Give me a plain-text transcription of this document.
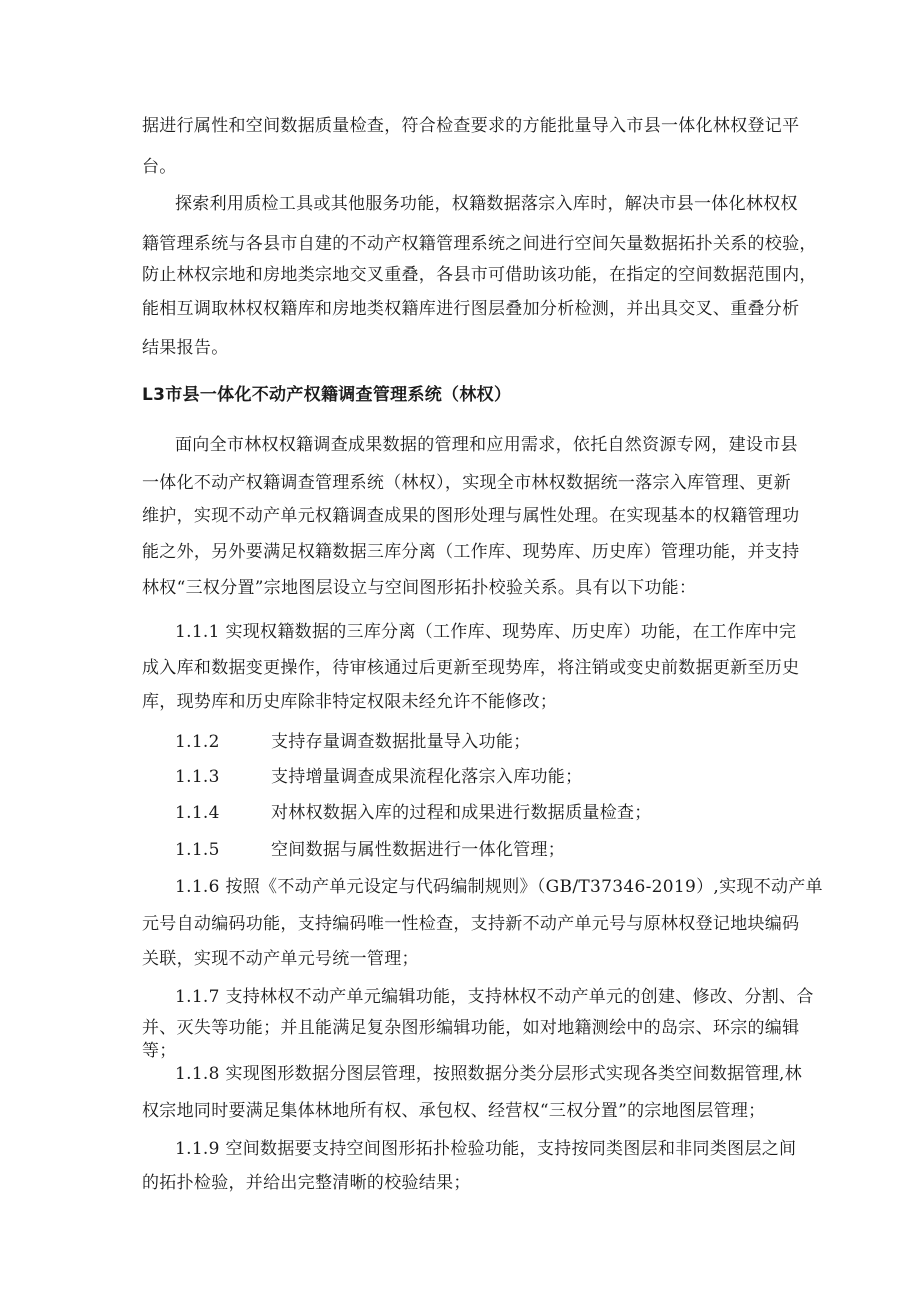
据进行属性和空间数据质量检查，符合检查要求的方能批量导入市县一体化林权登记平
台。
探索利用质检工具或其他服务功能，权籍数据落宗入库时，解决市县一体化林权权
籍管理系统与各县市自建的不动产权籍管理系统之间进行空间矢量数据拓扑关系的校验，
防止林权宗地和房地类宗地交叉重叠，各县市可借助该功能，在指定的空间数据范围内，
能相互调取林权权籍库和房地类权籍库进行图层叠加分析检测，并出具交叉、重叠分析
结果报告。
L3市县一体化不动产权籍调查管理系统（林权）
面向全市林权权籍调查成果数据的管理和应用需求，依托自然资源专网，建设市县
一体化不动产权籍调查管理系统（林权），实现全市林权数据统一落宗入库管理、更新
维护，实现不动产单元权籍调查成果的图形处理与属性处理。在实现基本的权籍管理功
能之外，另外要满足权籍数据三库分离（工作库、现势库、历史库）管理功能，并支持
林权“三权分置”宗地图层设立与空间图形拓扑校验关系。具有以下功能：
1.1.1 实现权籍数据的三库分离（工作库、现势库、历史库）功能，在工作库中完
成入库和数据变更操作，待审核通过后更新至现势库，将注销或变史前数据更新至历史
库，现势库和历史库除非特定权限未经允许不能修改；
1.1.2	支持存量调查数据批量导入功能；
1.1.3	支持增量调查成果流程化落宗入库功能；
1.1.4	对林权数据入库的过程和成果进行数据质量检查；
1.1.5	空间数据与属性数据进行一体化管理；
1.1.6 按照《不动产单元设定与代码编制规则》（GB/T37346-2019）,实现不动产单
元号自动编码功能，支持编码唯一性检查，支持新不动产单元号与原林权登记地块编码
关联，实现不动产单元号统一管理；
1.1.7 支持林权不动产单元编辑功能，支持林权不动产单元的创建、修改、分割、合
并、灭失等功能；并且能满足复杂图形编辑功能，如对地籍测绘中的岛宗、环宗的编辑
等；
1.1.8 实现图形数据分图层管理，按照数据分类分层形式实现各类空间数据管理,林
权宗地同时要满足集体林地所有权、承包权、经营权“三权分置”的宗地图层管理；
1.1.9 空间数据要支持空间图形拓扑检验功能，支持按同类图层和非同类图层之间
的拓扑检验，并给出完整清晰的校验结果；
